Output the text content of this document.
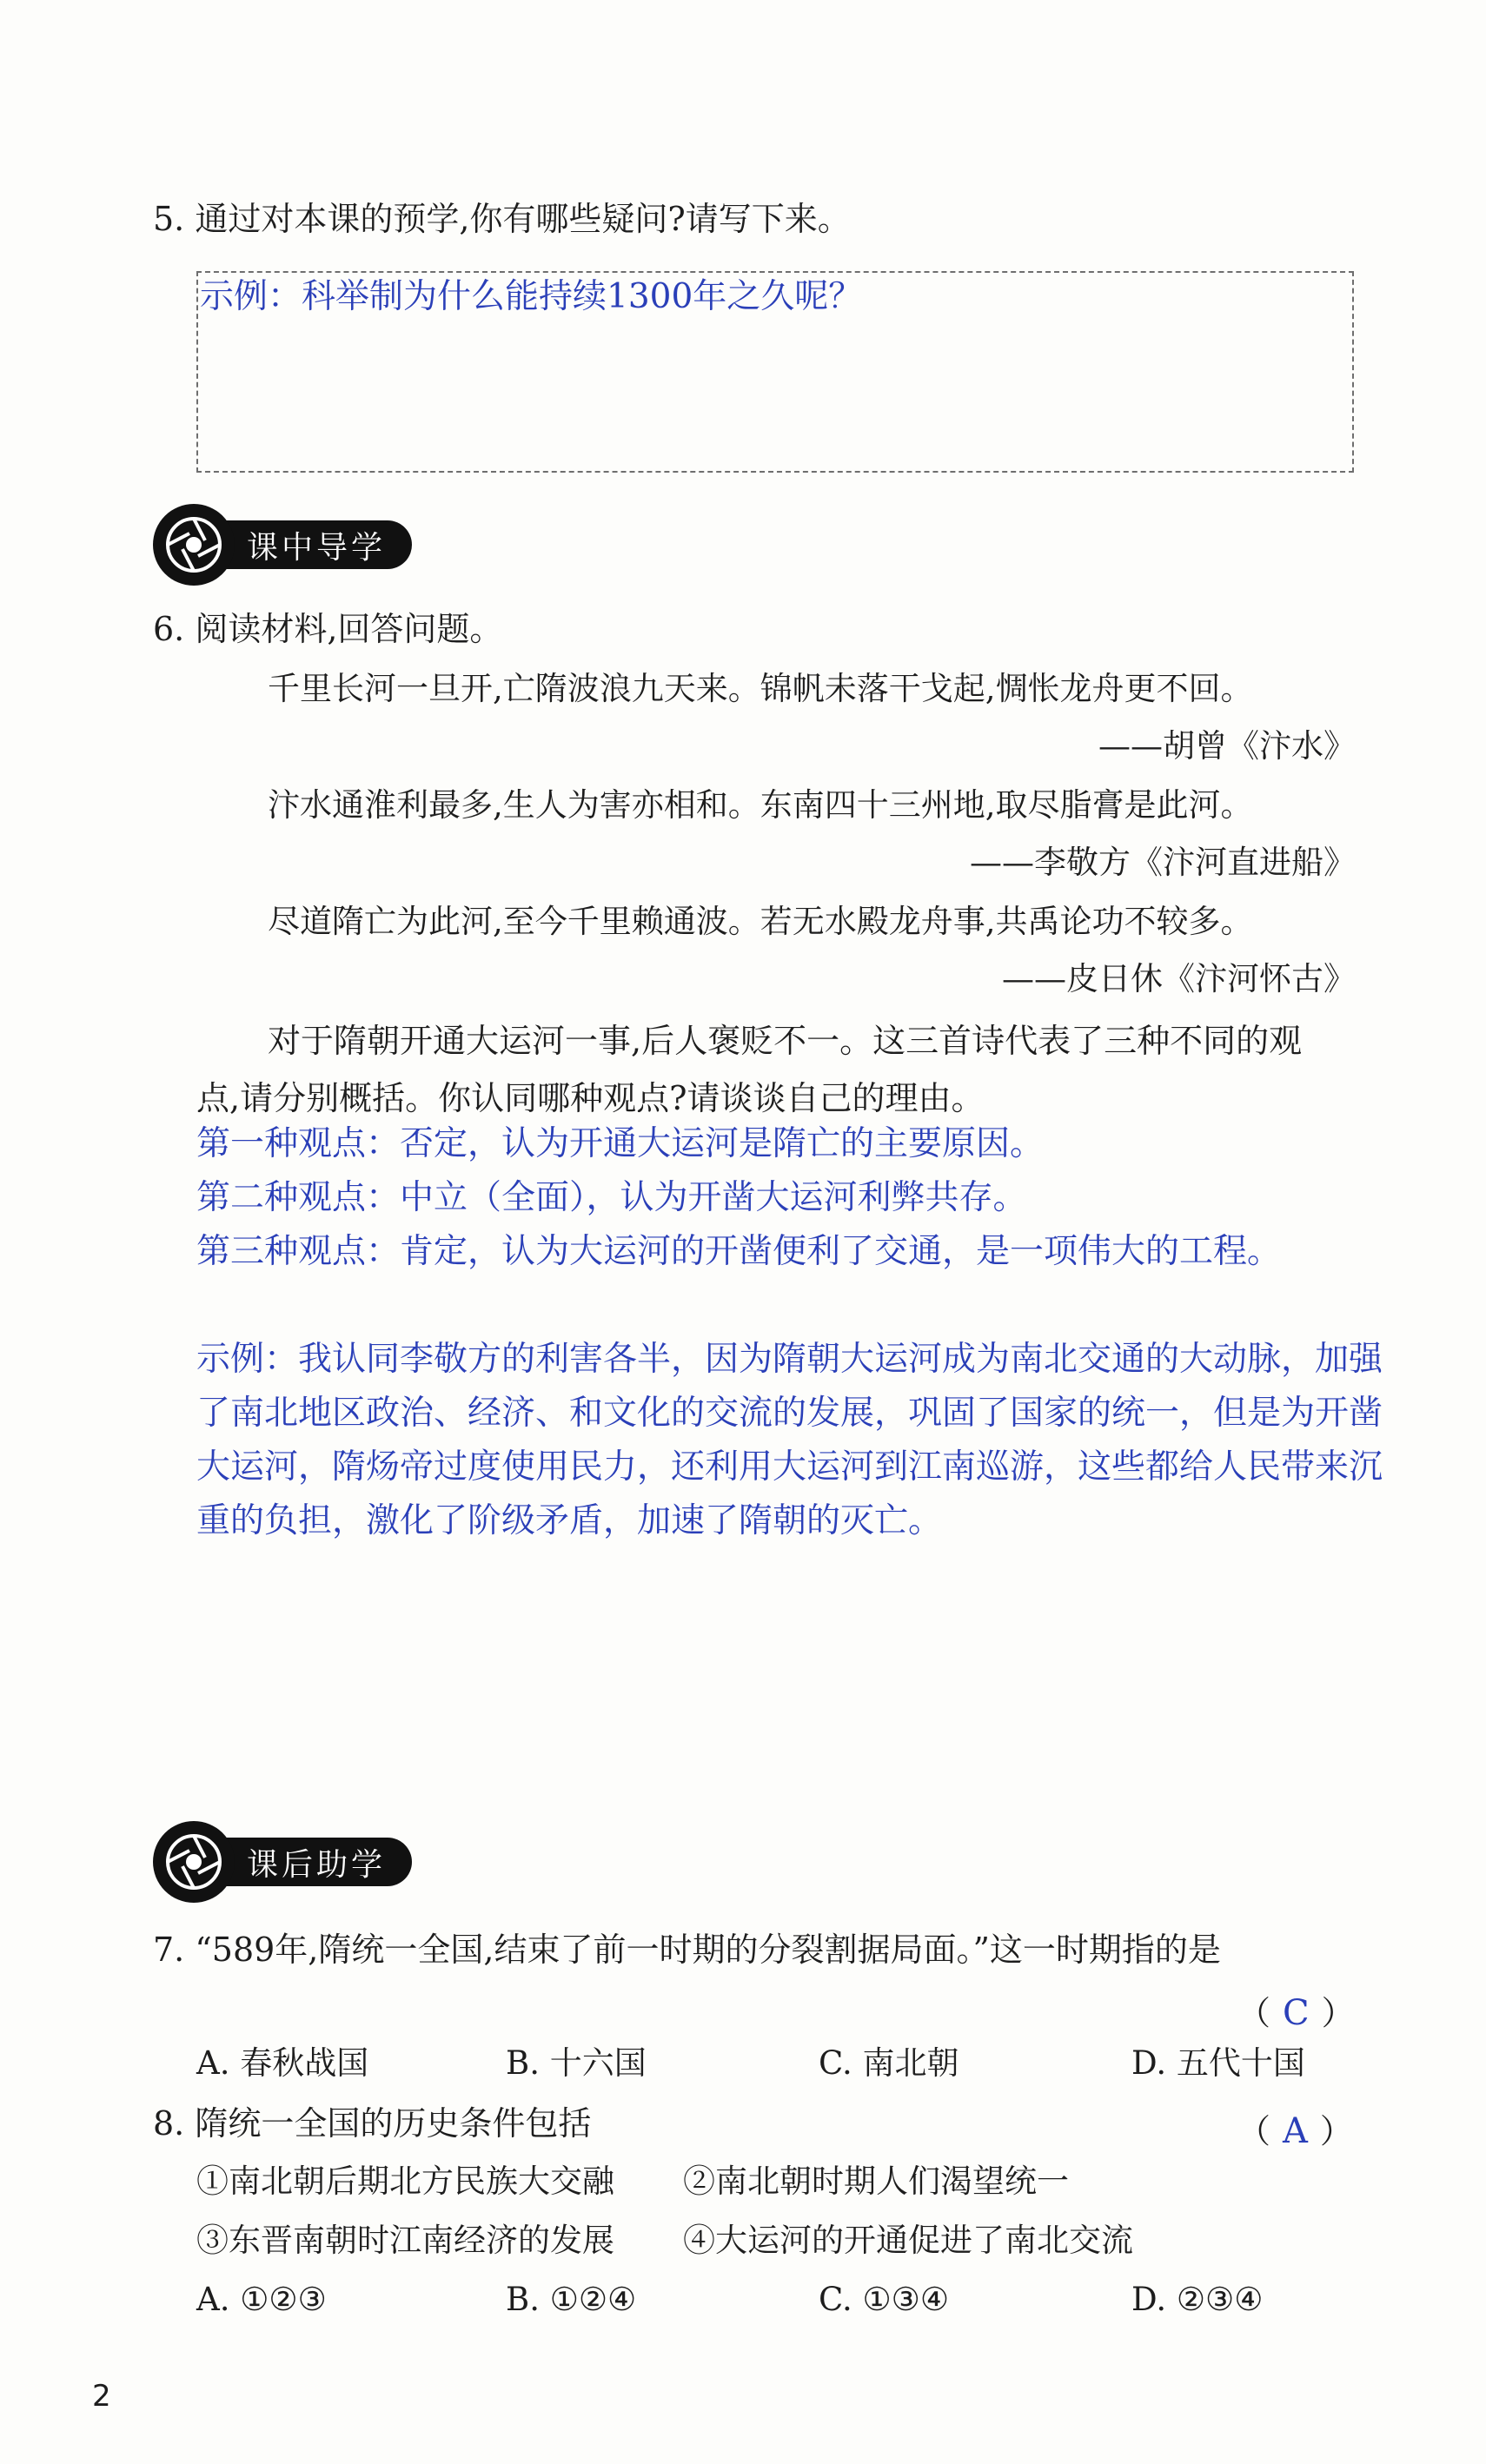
5. 通过对本课的预学,你有哪些疑问?请写下来。
示例：科举制为什么能持续1300年之久呢？
课中导学
6. 阅读材料,回答问题。
千里长河一旦开,亡隋波浪九天来。锦帆未落干戈起,惆怅龙舟更不回。
——胡曾《汴水》
汴水通淮利最多,生人为害亦相和。东南四十三州地,取尽脂膏是此河。
——李敬方《汴河直进船》
尽道隋亡为此河,至今千里赖通波。若无水殿龙舟事,共禹论功不较多。
——皮日休《汴河怀古》
对于隋朝开通大运河一事,后人褒贬不一。这三首诗代表了三种不同的观
点,请分别概括。你认同哪种观点?请谈谈自己的理由。
第一种观点：否定，认为开通大运河是隋亡的主要原因。
第二种观点：中立（全面），认为开凿大运河利弊共存。
第三种观点：肯定，认为大运河的开凿便利了交通，是一项伟大的工程。
示例：我认同李敬方的利害各半，因为隋朝大运河成为南北交通的大动脉，加强了南北地区政治、经济、和文化的交流的发展，巩固了国家的统一，但是为开凿大运河，隋炀帝过度使用民力，还利用大运河到江南巡游，这些都给人民带来沉重的负担，激化了阶级矛盾，加速了隋朝的灭亡。
课后助学
7. “589年,隋统一全国,结束了前一时期的分裂割据局面。”这一时期指的是
（ C ）
A. 春秋战国	B. 十六国	C. 南北朝	D. 五代十国
8. 隋统一全国的历史条件包括	（ A ）
①南北朝后期北方民族大交融 ②南北朝时期人们渴望统一
③东晋南朝时江南经济的发展 ④大运河的开通促进了南北交流
A. ①②③	B. ①②④	C. ①③④	D. ②③④
2
